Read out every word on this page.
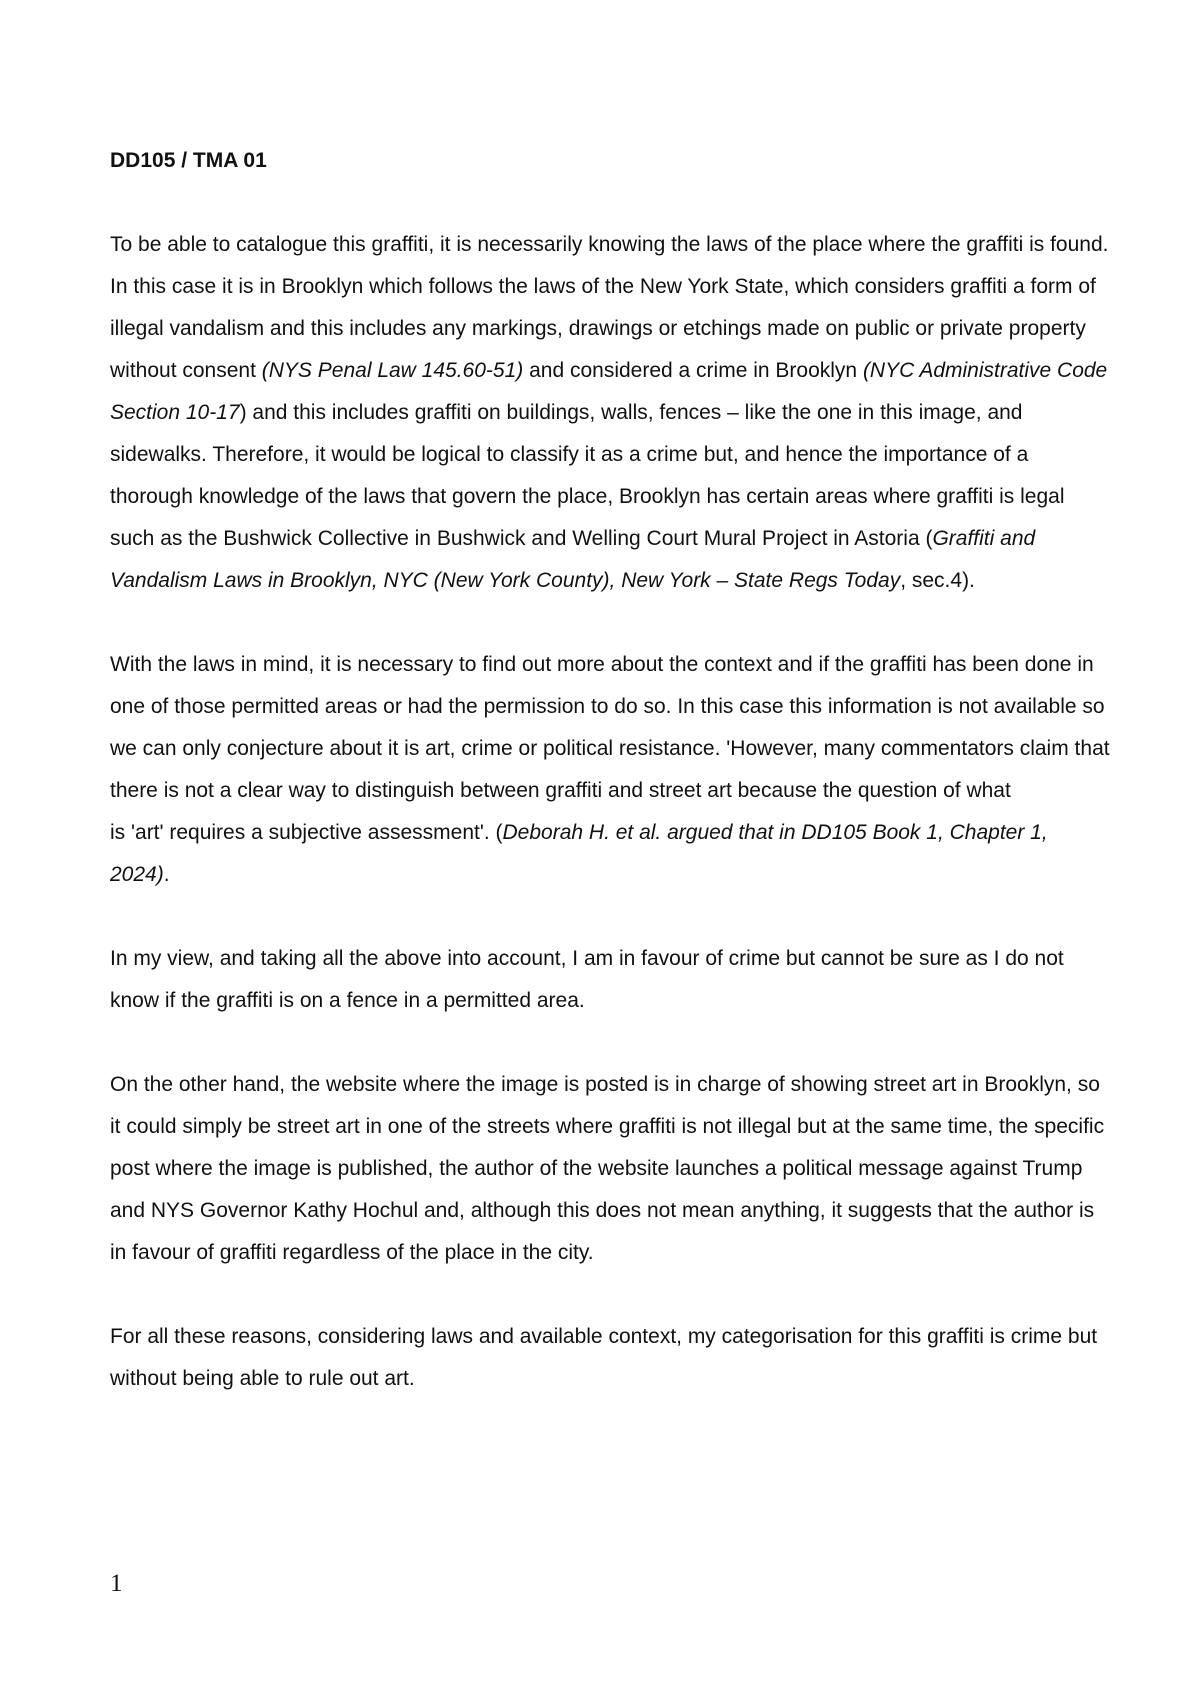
DD105 / TMA 01

To be able to catalogue this graffiti, it is necessarily knowing the laws of the place where the graffiti is found. In this case it is in Brooklyn which follows the laws of the New York State, which considers graffiti a form of illegal vandalism and this includes any markings, drawings or etchings made on public or private property without consent (NYS Penal Law 145.60-51) and considered a crime in Brooklyn (NYC Administrative Code Section 10-17) and this includes graffiti on buildings, walls, fences – like the one in this image, and sidewalks. Therefore, it would be logical to classify it as a crime but, and hence the importance of a thorough knowledge of the laws that govern the place, Brooklyn has certain areas where graffiti is legal such as the Bushwick Collective in Bushwick and Welling Court Mural Project in Astoria (Graffiti and Vandalism Laws in Brooklyn, NYC (New York County), New York – State Regs Today, sec.4).

With the laws in mind, it is necessary to find out more about the context and if the graffiti has been done in one of those permitted areas or had the permission to do so. In this case this information is not available so we can only conjecture about it is art, crime or political resistance. 'However, many commentators claim that there is not a clear way to distinguish between graffiti and street art because the question of what
is 'art' requires a subjective assessment'. (Deborah H. et al. argued that in DD105 Book 1, Chapter 1, 2024).

In my view, and taking all the above into account, I am in favour of crime but cannot be sure as I do not know if the graffiti is on a fence in a permitted area.

On the other hand, the website where the image is posted is in charge of showing street art in Brooklyn, so it could simply be street art in one of the streets where graffiti is not illegal but at the same time, the specific post where the image is published, the author of the website launches a political message against Trump and NYS Governor Kathy Hochul and, although this does not mean anything, it suggests that the author is in favour of graffiti regardless of the place in the city.

For all these reasons, considering laws and available context, my categorisation for this graffiti is crime but without being able to rule out art.

1
